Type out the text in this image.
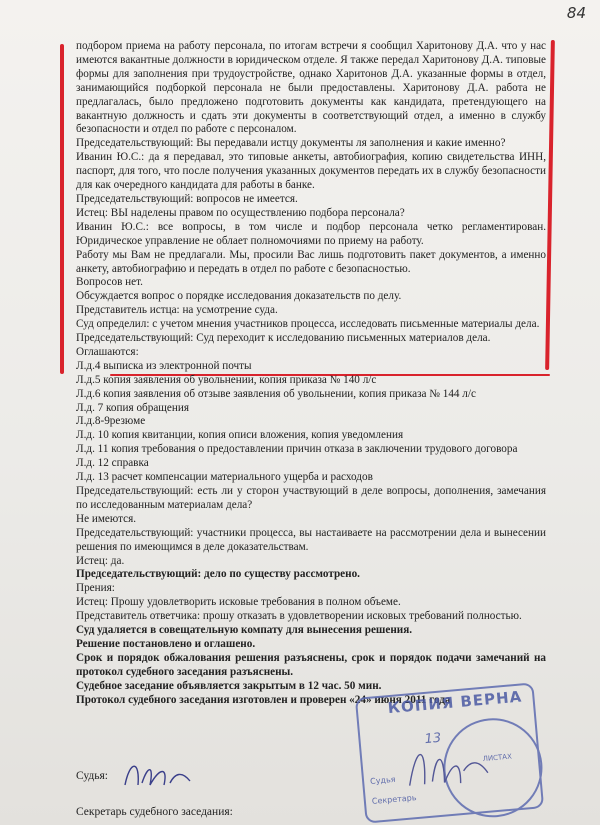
84

подбором приема на работу персонала, по итогам встречи я сообщил Харитонову Д.А. что у нас имеются вакантные должности в юридическом отделе. Я также передал Харитонову Д.А. типовые формы для заполнения при трудоустройстве, однако Харитонов Д.А. указанные формы в отдел, занимающийся подборкой персонала не были предоставлены. Харитонову Д.А. работа не предлагалась, было предложено подготовить документы как кандидата, претендующего на вакантную должность и сдать эти документы в соответствующий отдел, а именно в службу безопасности и отдел по работе с персоналом.

Председательствующий: Вы передавали истцу документы ля заполнения и какие именно?

Иванин Ю.С.: да я передавал, это типовые анкеты, автобиография, копию свидетельства ИНН, паспорт, для того, что после получения указанных документов передать их в службу безопасности для как очередного кандидата для работы в банке.

Председательствующий: вопросов не имеется.

Истец: ВЫ наделены правом по осуществлению подбора персонала?

Иванин Ю.С.: все вопросы, в том числе и подбор персонала четко регламентирован. Юридическое управление не облает полномочиями по приему на работу.

Работу мы Вам не предлагали. Мы, просили Вас лишь подготовить пакет документов, а именно анкету, автобиографию и передать в отдел по работе с безопасностью.

Вопросов нет.

Обсуждается вопрос о порядке исследования доказательств по делу.

Представитель истца: на усмотрение суда.

Суд определил: с учетом мнения участников процесса, исследовать письменные материалы дела.

Председательствующий: Суд переходит к исследованию письменных материалов дела.

Оглашаются:

Л.д.4 выписка из электронной почты

Л.д.5 копия заявления об увольнении, копия приказа № 140 л/с

Л.д.6 копия заявления об отзыве заявления об увольнении, копия приказа № 144 л/с

Л.д. 7 копия обращения

Л.д.8-9резюме

Л.д. 10 копия квитанции, копия описи вложения, копия уведомления

Л.д. 11 копия требования о предоставлении причин отказа в заключении трудового договора

Л.д. 12 справка

Л.д. 13 расчет компенсации материального ущерба и расходов

Председательствующий: есть ли у сторон участвующий в деле вопросы, дополнения, замечания по исследованным материалам дела?

Не имеются.

Председательствующий: участники процесса, вы настаиваете на рассмотрении дела и вынесении решения по имеющимся в деле доказательствам.

Истец: да.

Председательствующий: дело по существу рассмотрено.

Прения:

Истец: Прошу удовлетворить исковые требования в полном объеме.

Представитель ответчика: прошу отказать в удовлетворении исковых требований полностью.

Суд удаляется в совещательную компату для вынесения решения.

Решение постановлено и оглашено.

Срок и порядок обжалования решения разъяснены, срок и порядок подачи замечаний на протокол судебного заседания разъяснены.

Судебное заседание объявляется закрытым в 12 час. 50 мин.

Протокол судебного заседания изготовлен и проверен «24» июня 2011 года

Судья:
Секретарь судебного заседания:
КОПИЯ ВЕРНА
13
ЛИСТАХ
Судья
Секретарь
